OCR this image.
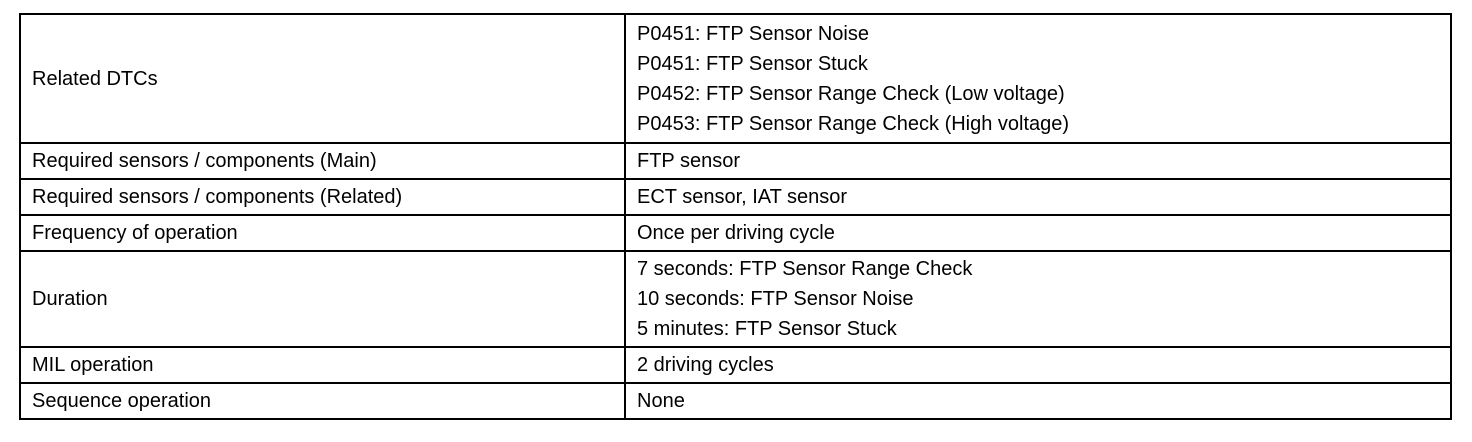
Related DTCs	P0451: FTP Sensor Noise
P0451: FTP Sensor Stuck
P0452: FTP Sensor Range Check (Low voltage)
P0453: FTP Sensor Range Check (High voltage)

Required sensors / components (Main)	FTP sensor
Required sensors / components (Related)	ECT sensor, IAT sensor
Frequency of operation	Once per driving cycle
Duration	7 seconds: FTP Sensor Range Check
10 seconds: FTP Sensor Noise
5 minutes: FTP Sensor Stuck

MIL operation	2 driving cycles
Sequence operation	None
